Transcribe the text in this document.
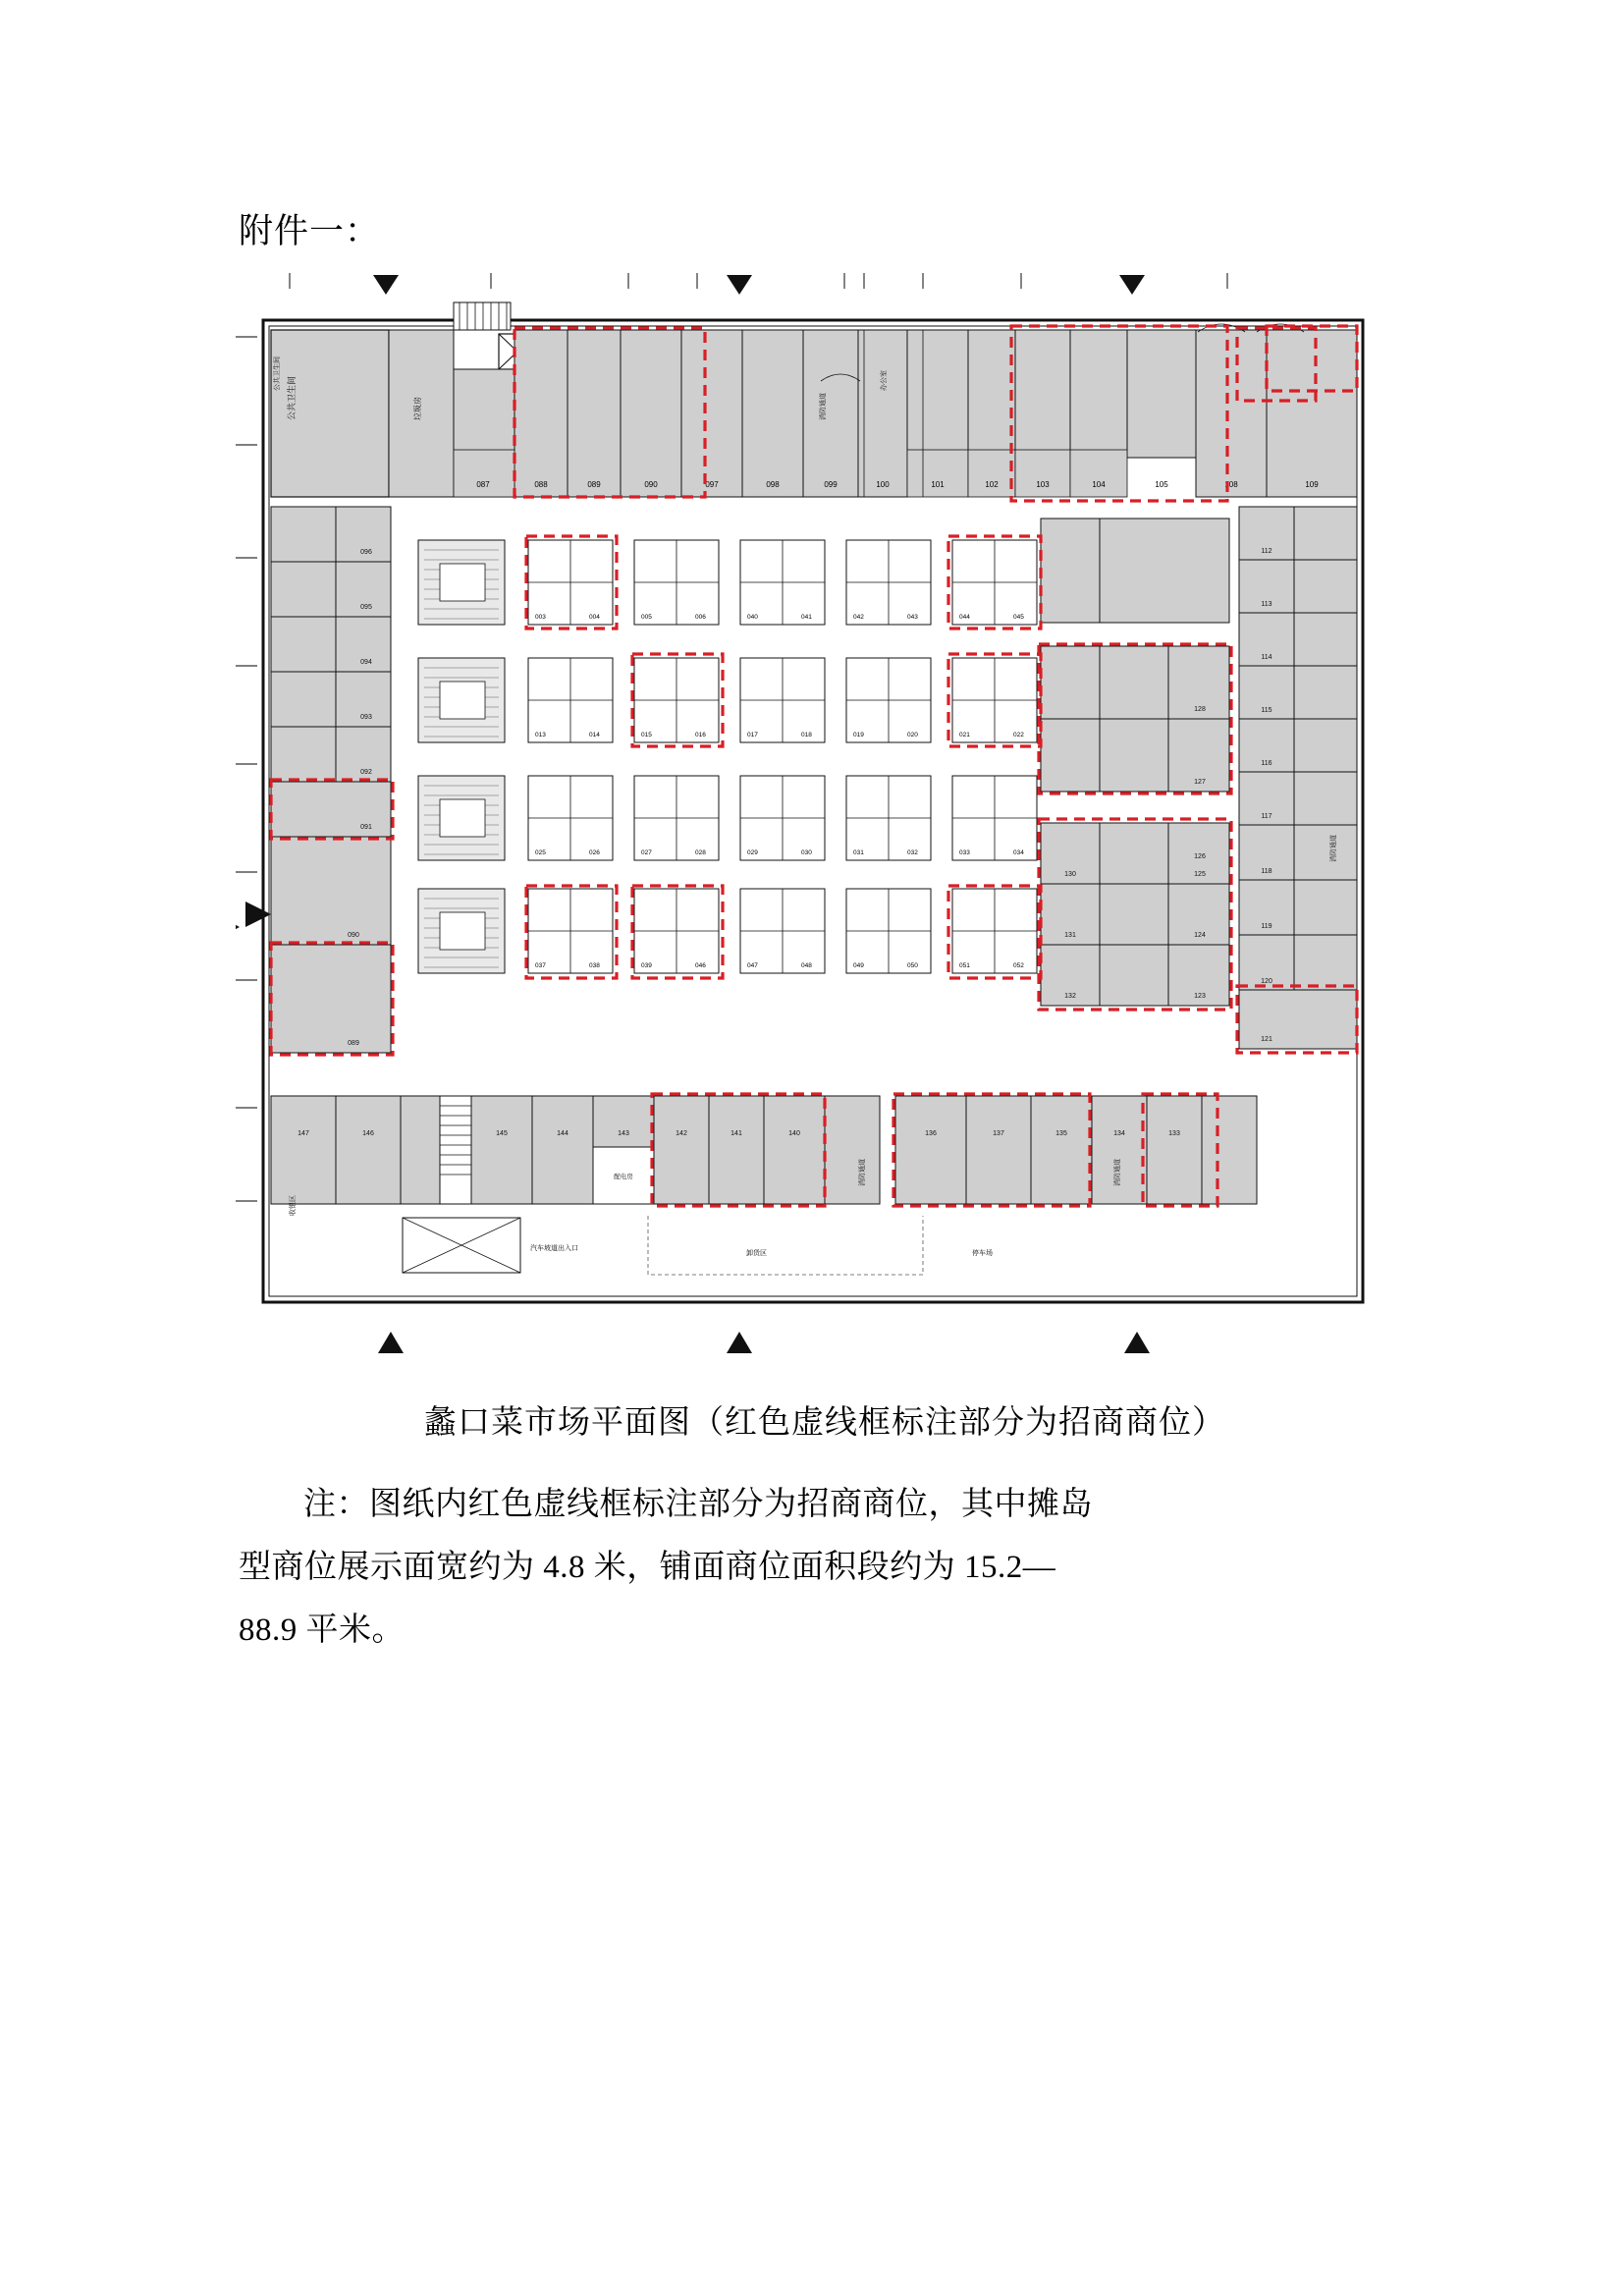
附件一：
公共卫生间	垃圾房
087	088	089	090	097	098	099	100	101	102	103	104	105	108	109
096
095
094
093
092
091
090
089
112
113
114
115
116
117
118
119
120
121
128
127
126
125
124
123
130
131
132
003	004	005	006	040	041	042	043	044	045
013	014	015	016	017	018	019	020	021	022
025	026	027	028	029	030	031	032	033	034
037	038	039	046	047	048	049	050	051	052
147	146	145	144	143	142	141	140	136	137	135	134	133
配电房
汽车坡道出入口
卸货区	停车场
公共卫生间
消防通道
办公室
消防通道
收银区
消防通道	消防通道
蠡口菜市场平面图（红色虚线框标注部分为招商商位）
注：图纸内红色虚线框标注部分为招商商位，其中摊岛
型商位展示面宽约为 4.8 米，铺面商位面积段约为 15.2—
88.9 平米。
